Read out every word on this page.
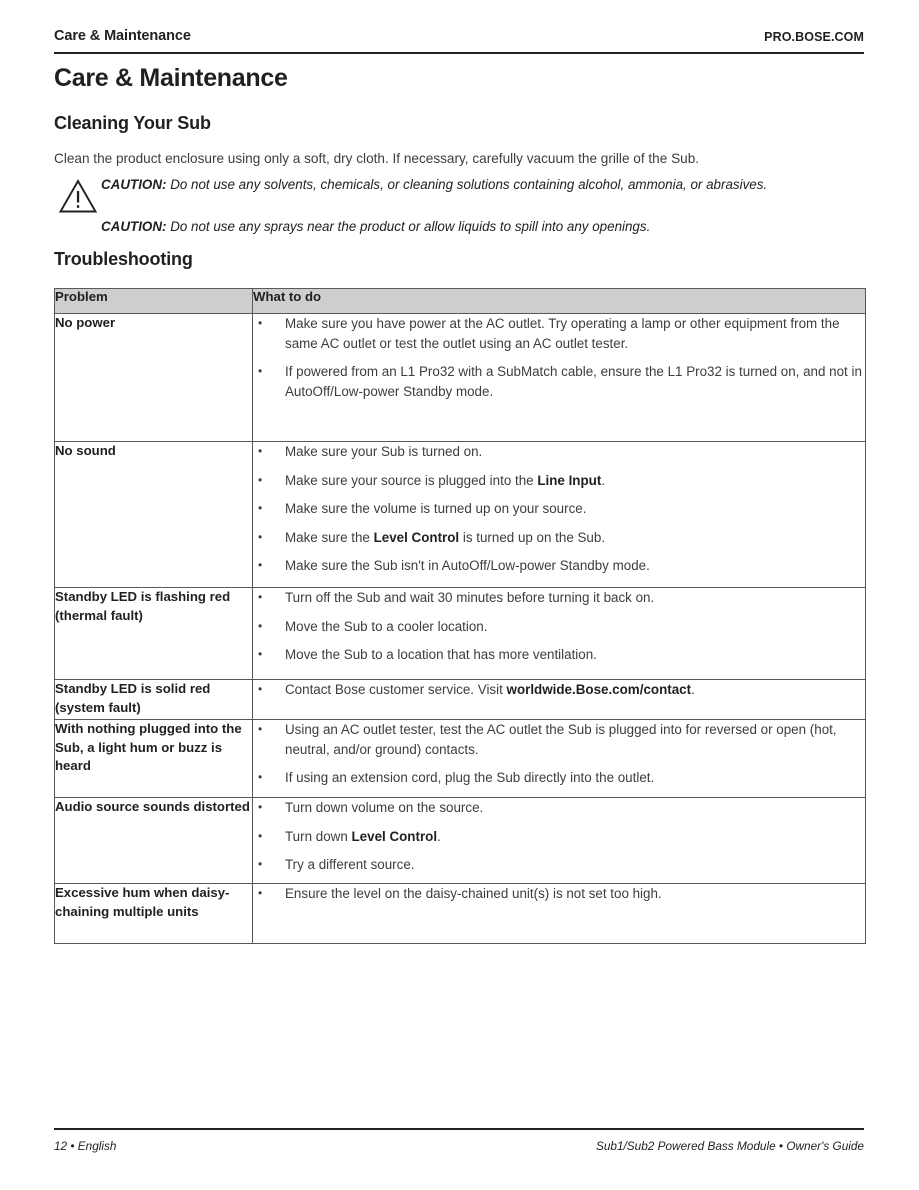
Care & Maintenance	PRO.BOSE.COM
Care & Maintenance
Cleaning Your Sub
Clean the product enclosure using only a soft, dry cloth. If necessary, carefully vacuum the grille of the Sub.
CAUTION: Do not use any solvents, chemicals, or cleaning solutions containing alcohol, ammonia, or abrasives.
CAUTION: Do not use any sprays near the product or allow liquids to spill into any openings.
Troubleshooting
Problem	What to do
No power	
•Make sure you have power at the AC outlet. Try operating a lamp or other equipment from the same AC outlet or test the outlet using an AC outlet tester.
• If powered from an L1 Pro32 with a SubMatch cable, ensure the L1 Pro32 is turned on, and not in AutoOff/Low-power Standby mode.

No sound	
•Make sure your Sub is turned on.
• Make sure your source is plugged into the Line Input.
• Make sure the volume is turned up on your source.
• Make sure the Level Control is turned up on the Sub.
• Make sure the Sub isn't in AutoOff/Low-power Standby mode.

Standby LED is flashing red (thermal fault)	
• Turn off the Sub and wait 30 minutes before turning it back on.
• Move the Sub to a cooler location.
• Move the Sub to a location that has more ventilation.

Standby LED is solid red (system fault)	
• Contact Bose customer service. Visit worldwide.Bose.com/contact.

With nothing plugged into the Sub, a light hum or buzz is heard	
• Using an AC outlet tester, test the AC outlet the Sub is plugged into for reversed or open (hot, neutral, and/or ground) contacts.
• If using an extension cord, plug the Sub directly into the outlet.

Audio source sounds distorted	
•Turn down volume on the source.
• Turn down Level Control.
• Try a different source.

Excessive hum when daisy-chaining multiple units	
• Ensure the level on the daisy-chained unit(s) is not set too high.
12 • English	Sub1/Sub2 Powered Bass Module • Owner's Guide
